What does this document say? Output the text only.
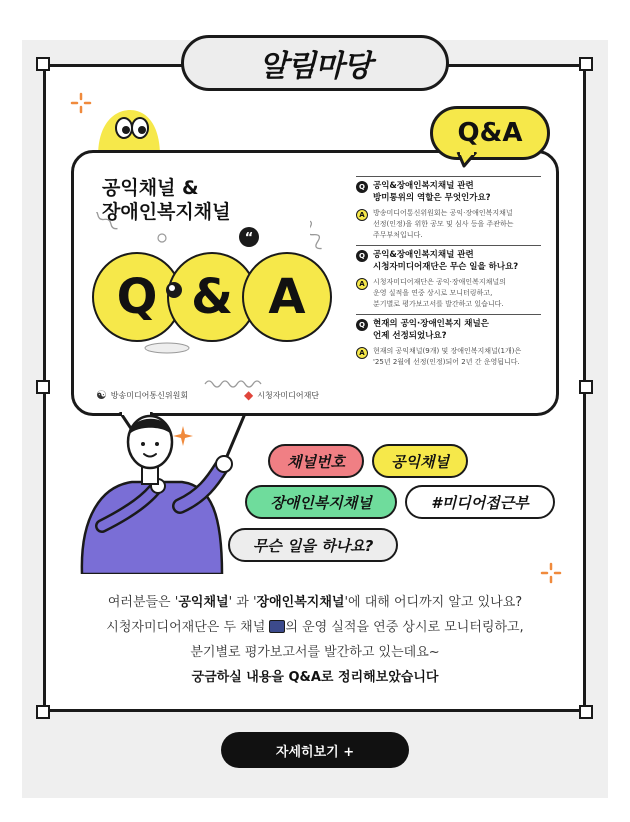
알림마당
Q&A
공익채널 &
장애인복지채널
“
Q & A
☯ 방송미디어통신위원회	◆ 시청자미디어재단
Q 공익&장애인복지채널 관련
방미통위의 역할은 무엇인가요?
A	방송미디어통신위원회는 공익·장애인복지채널
선정(인정)을 위한 공모 및 심사 등을 주관하는
주무부처입니다.
Q 공익&장애인복지채널 관련
시청자미디어재단은 무슨 일을 하나요?
A	시청자미디어재단은 공익·장애인복지채널의
운영 실적을 연중 상시로 모니터링하고,
분기별로 평가보고서를 발간하고 있습니다.
Q 현재의 공익·장애인복지 채널은
언제 선정되었나요?
A	현재의 공익채널(9개) 및 장애인복지채널(1개)은
'25년 2월에 선정(인정)되어 2년 간 운영됩니다.
채널번호	공익채널
장애인복지채널	#미디어접근부
무슨 일을 하나요?
여러분들은 '공익채널' 과 '장애인복지채널'에 대해 어디까지 알고 있나요?
시청자미디어재단은 두 채널 의 운영 실적을 연중 상시로 모니터링하고,
분기별로 평가보고서를 발간하고 있는데요~
궁금하실 내용을 Q&A로 정리해보았습니다
자세히보기 +
